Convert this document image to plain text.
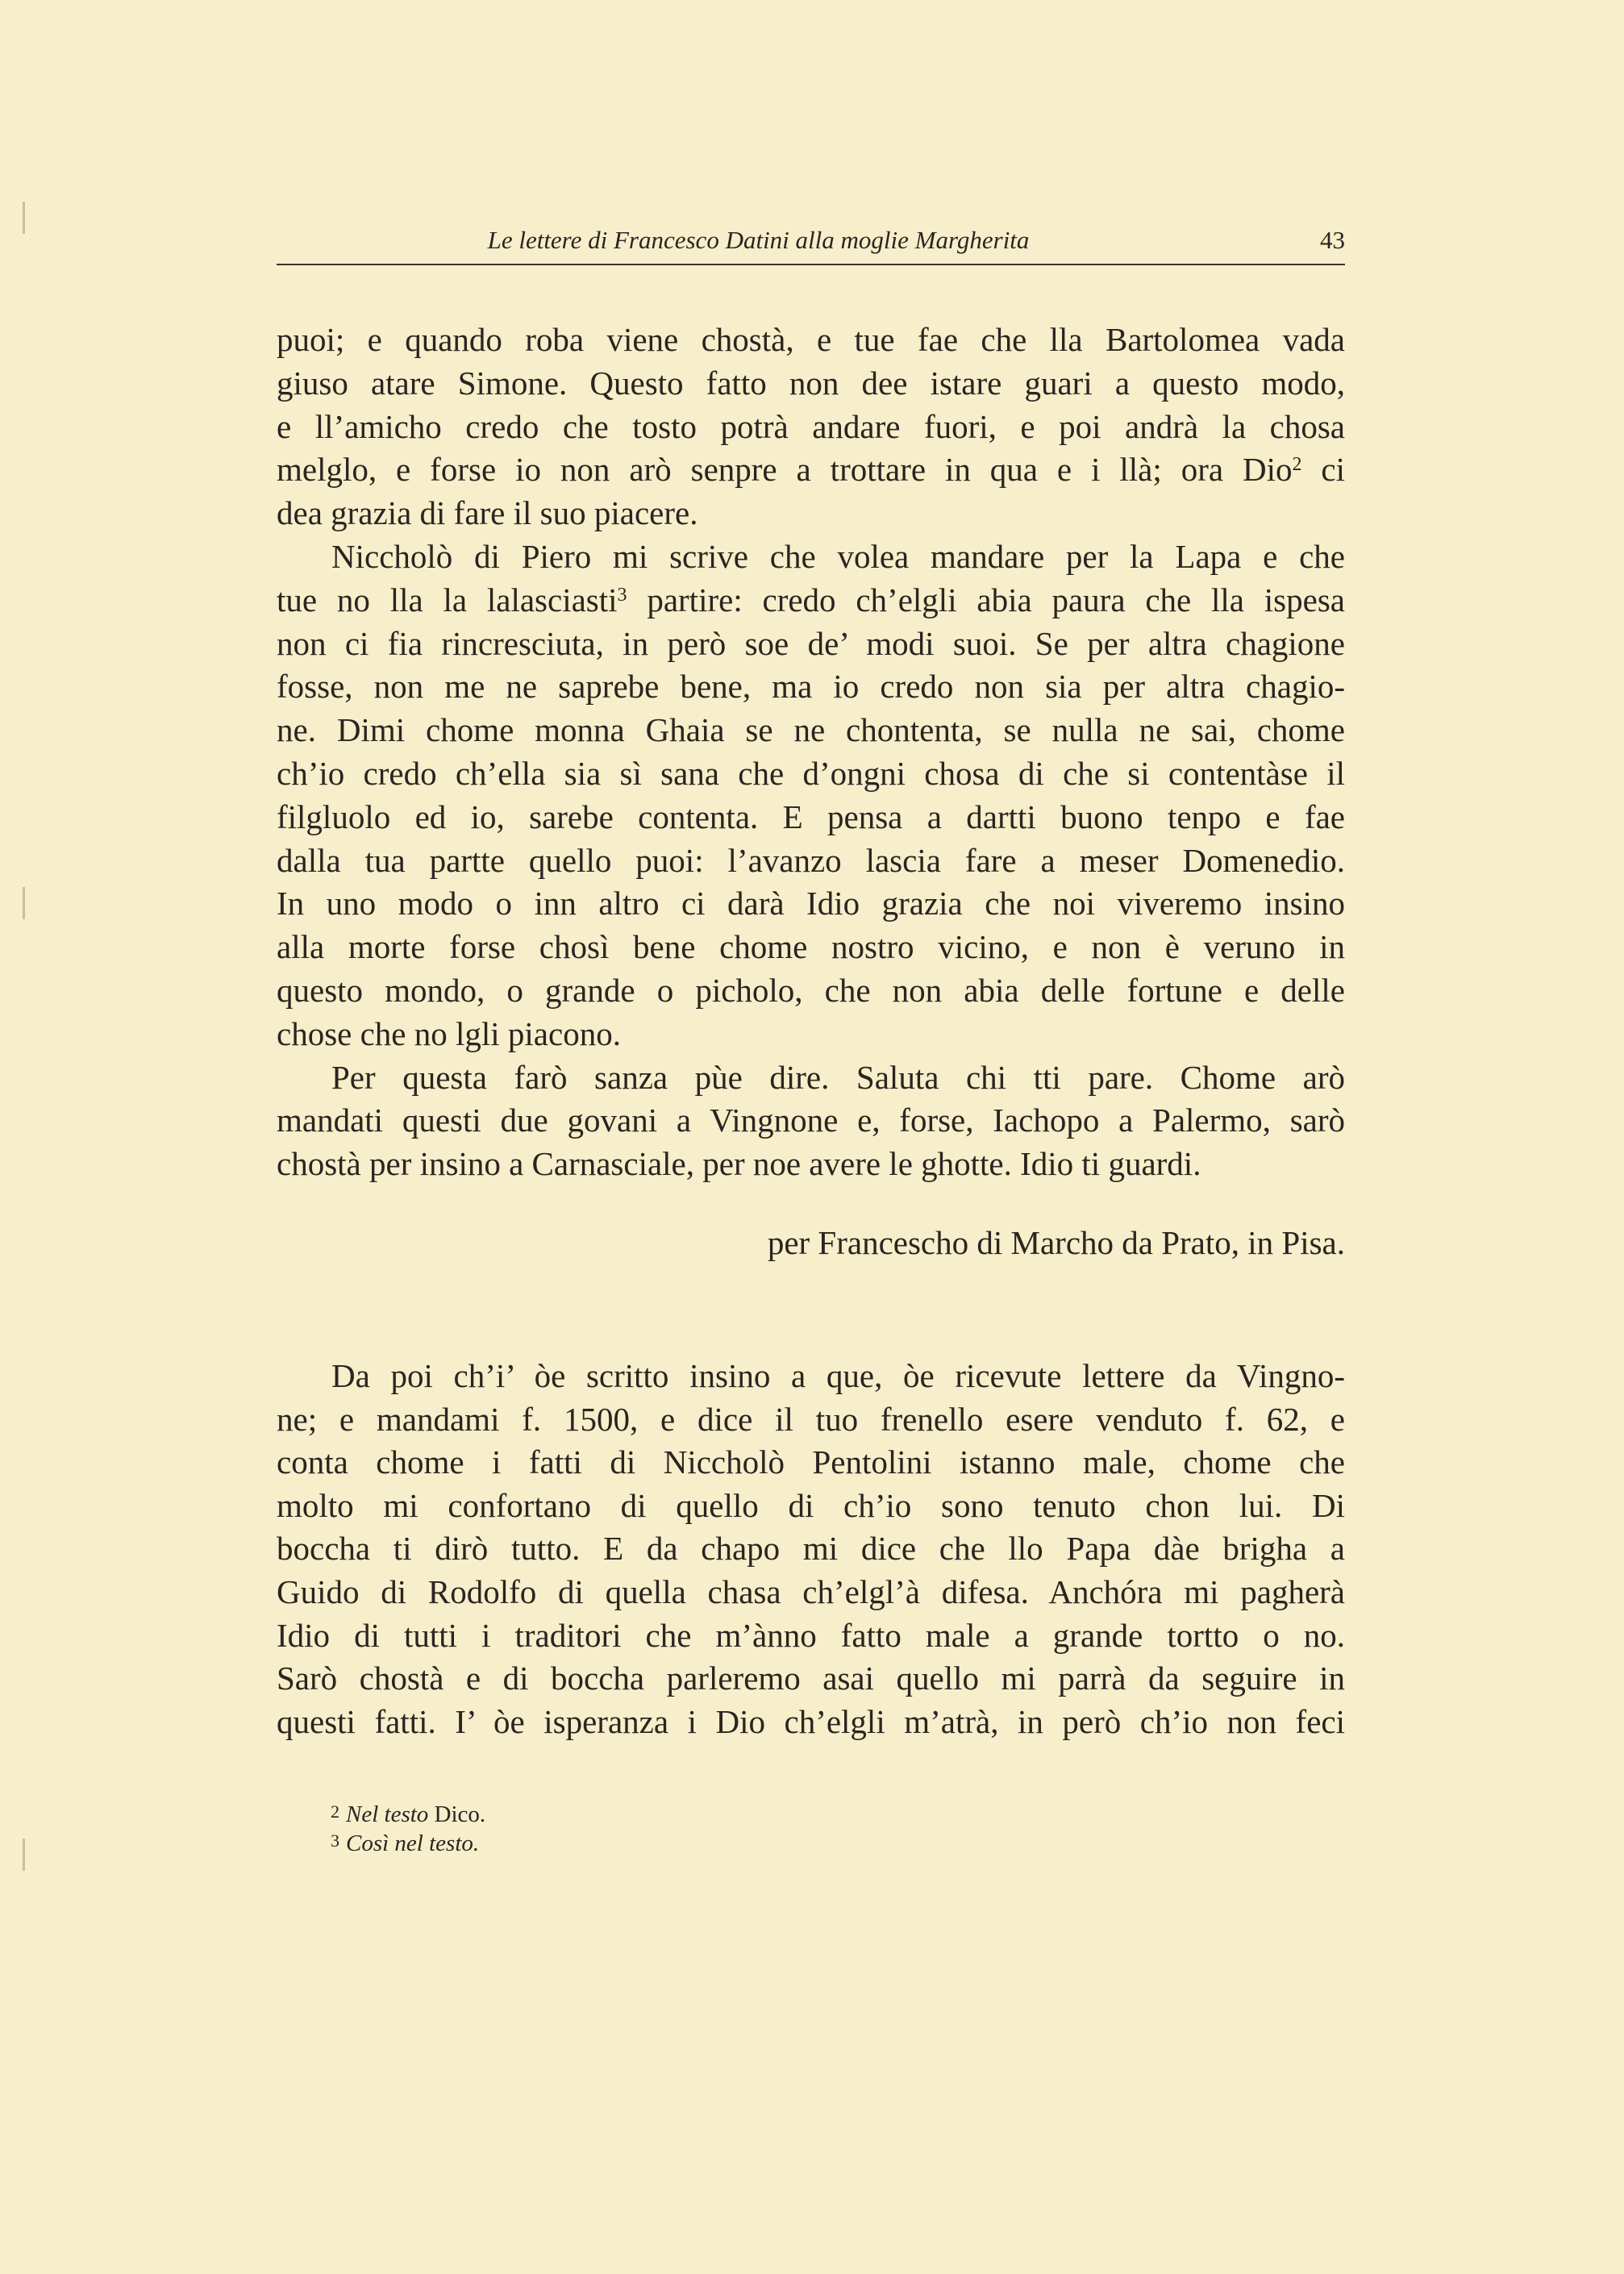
Le lettere di Francesco Datini alla moglie Margherita	43
puoi; e quando roba viene chostà, e tue fae che lla Bartolomea vada
giuso atare Simone. Questo fatto non dee istare guari a questo modo,
e ll’amicho credo che tosto potrà andare fuori, e poi andrà la chosa
melglo, e forse io non arò senpre a trottare in qua e i llà; ora Dio$^2$ ci
dea grazia di fare il suo piacere.
Niccholò di Piero mi scrive che volea mandare per la Lapa e che
tue no lla la lalasciasti$^3$ partire: credo ch’elgli abia paura che lla ispesa
non ci fia rincresciuta, in però soe de’ modi suoi. Se per altra chagione
fosse, non me ne saprebe bene, ma io credo non sia per altra chagio-
ne. Dimi chome monna Ghaia se ne chontenta, se nulla ne sai, chome
ch’io credo ch’ella sia sì sana che d’ongni chosa di che si contentàse il
filgluolo ed io, sarebe contenta. E pensa a dartti buono tenpo e fae
dalla tua partte quello puoi: l’avanzo lascia fare a meser Domenedio.
In uno modo o inn altro ci darà Idio grazia che noi viveremo insino
alla morte forse chosì bene chome nostro vicino, e non è veruno in
questo mondo, o grande o picholo, che non abia delle fortune e delle
chose che no lgli piacono.
Per questa farò sanza pùe dire. Saluta chi tti pare. Chome arò
mandati questi due govani a Vingnone e, forse, Iachopo a Palermo, sarò
chostà per insino a Carnasciale, per noe avere le ghotte. Idio ti guardi.
per Francescho di Marcho da Prato, in Pisa.
Da poi ch’i’ òe scritto insino a que, òe ricevute lettere da Vingno-
ne; e mandami f. 1500, e dice il tuo frenello esere venduto f. 62, e
conta chome i fatti di Niccholò Pentolini istanno male, chome che
molto mi confortano di quello di ch’io sono tenuto chon lui. Di
boccha ti dirò tutto. E da chapo mi dice che llo Papa dàe brigha a
Guido di Rodolfo di quella chasa ch’elgl’à difesa. Anchóra mi pagherà
Idio di tutti i traditori che m’ànno fatto male a grande tortto o no.
Sarò chostà e di boccha parleremo asai quello mi parrà da seguire in
questi fatti. I’ òe isperanza i Dio ch’elgli m’atrà, in però ch’io non feci
$^2$ Nel testo Dico.
$^3$ Così nel testo.
